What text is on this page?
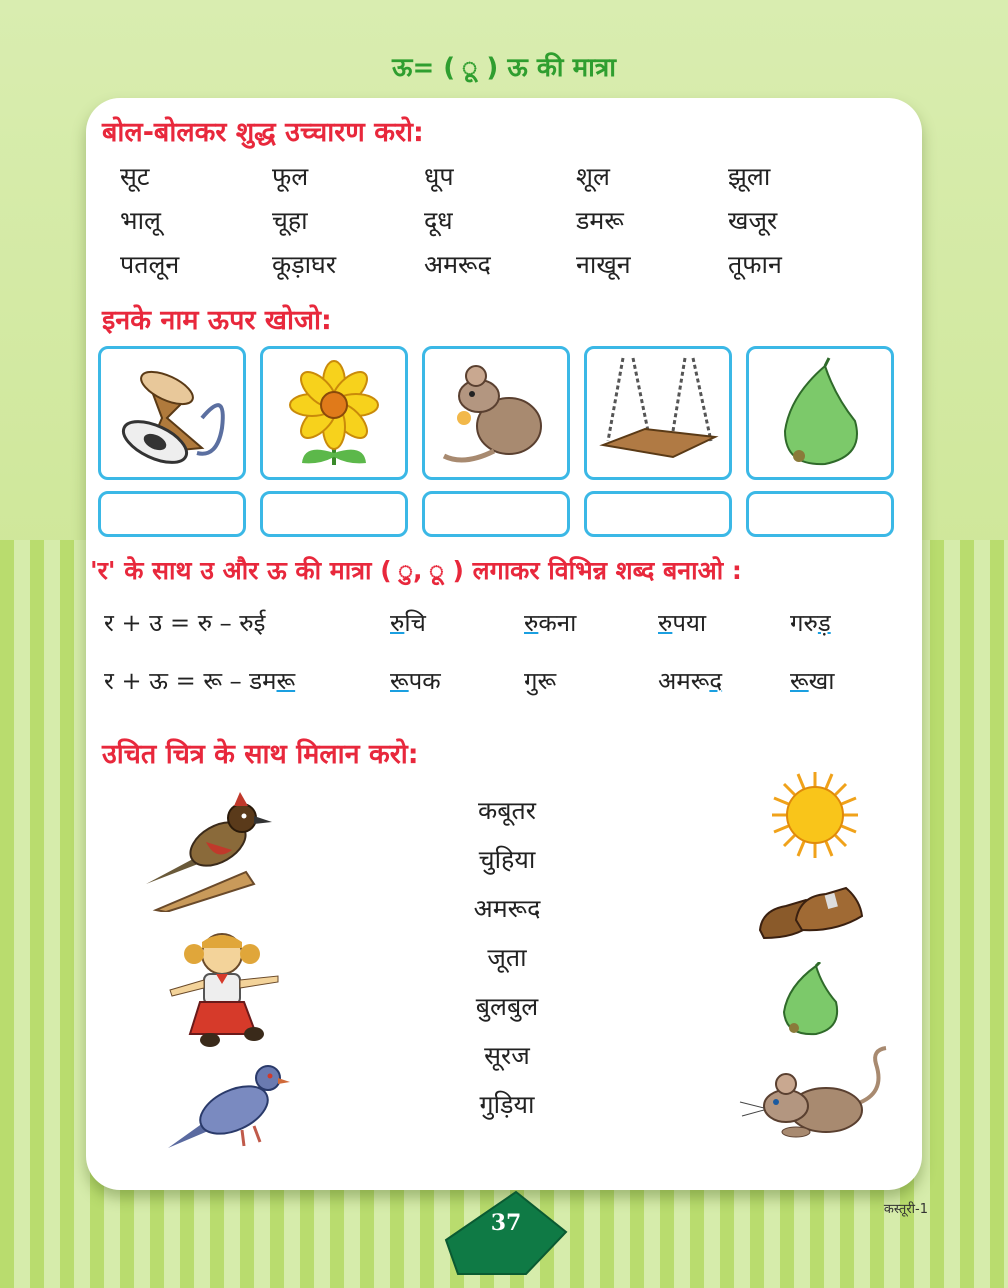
ऊ= ( ू ) ऊ की मात्रा
बोल-बोलकर शुद्ध उच्चारण करो:
सूट	फूल	धूप	शूल	झूला
भालू	चूहा	दूध	डमरू	खजूर
पतलून	कूड़ाघर	अमरूद	नाखून	तूफान
इनके नाम ऊपर खोजो:
'र' के साथ उ और ऊ की मात्रा ( ु, ू ) लगाकर विभिन्न शब्द बनाओ :
र + उ = रु – रुई	रुचि	रुकना	रुपया	गरुड़
र + ऊ = रू – डमरू	रूपक	गुर	अमरूद	रूखा
उचित चित्र के साथ मिलान करो:
कबूतर
चुहिया
अमरूद
जूता
बुलबुल
सूरज
गुड़िया
37
कस्तूरी-1
